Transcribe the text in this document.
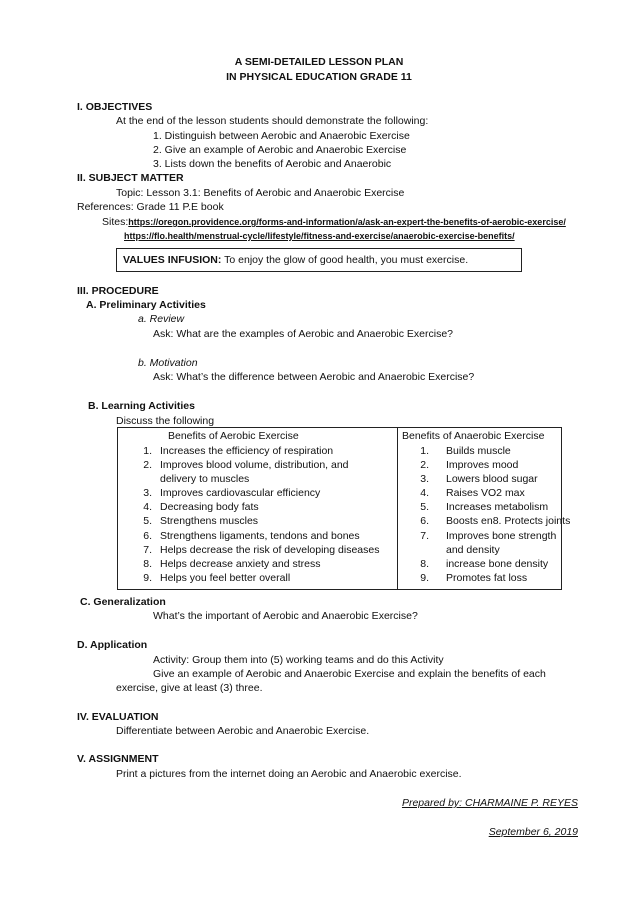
A SEMI-DETAILED LESSON PLAN
IN PHYSICAL EDUCATION GRADE 11
I. OBJECTIVES
At the end of the lesson students should demonstrate the following:
1. Distinguish between Aerobic and Anaerobic Exercise
2. Give an example of Aerobic and Anaerobic Exercise
3. Lists down the benefits of Aerobic and Anaerobic
II. SUBJECT MATTER
Topic: Lesson 3.1: Benefits of Aerobic and Anaerobic Exercise
References: Grade 11 P.E book
Sites:https://oregon.providence.org/forms-and-information/a/ask-an-expert-the-benefits-of-aerobic-exercise/
https://flo.health/menstrual-cycle/lifestyle/fitness-and-exercise/anaerobic-exercise-benefits/
VALUES INFUSION: To enjoy the glow of good health, you must exercise.
III. PROCEDURE
A. Preliminary Activities
a. Review
Ask: What are the examples of Aerobic and Anaerobic Exercise?
b. Motivation
Ask: What’s the difference between Aerobic and Anaerobic Exercise?
B. Learning Activities
Discuss the following
Benefits of Aerobic Exercise	Benefits of Anaerobic Exercise
1. Increases the efficiency of respiration
2. Improves blood volume, distribution, and
delivery to muscles
3. Improves cardiovascular efficiency
4. Decreasing body fats
5. Strengthens muscles
6. Strengthens ligaments, tendons and bones
7. Helps decrease the risk of developing diseases
8. Helps decrease anxiety and stress
9. Helps you feel better overall
1. Builds muscle
2. Improves mood
3. Lowers blood sugar
4. Raises VO2 max
5. Increases metabolism
6. Boosts en8. Protects joints
7. Improves bone strength
and density
8. increase bone density
9. Promotes fat loss
C. Generalization
What’s the important of Aerobic and Anaerobic Exercise?
D. Application
Activity: Group them into (5) working teams and do this Activity
Give an example of Aerobic and Anaerobic Exercise and explain the benefits of each
exercise, give at least (3) three.
IV. EVALUATION
Differentiate between Aerobic and Anaerobic Exercise.
V. ASSIGNMENT
Print a pictures from the internet doing an Aerobic and Anaerobic exercise.
Prepared by: CHARMAINE P. REYES
September 6, 2019
